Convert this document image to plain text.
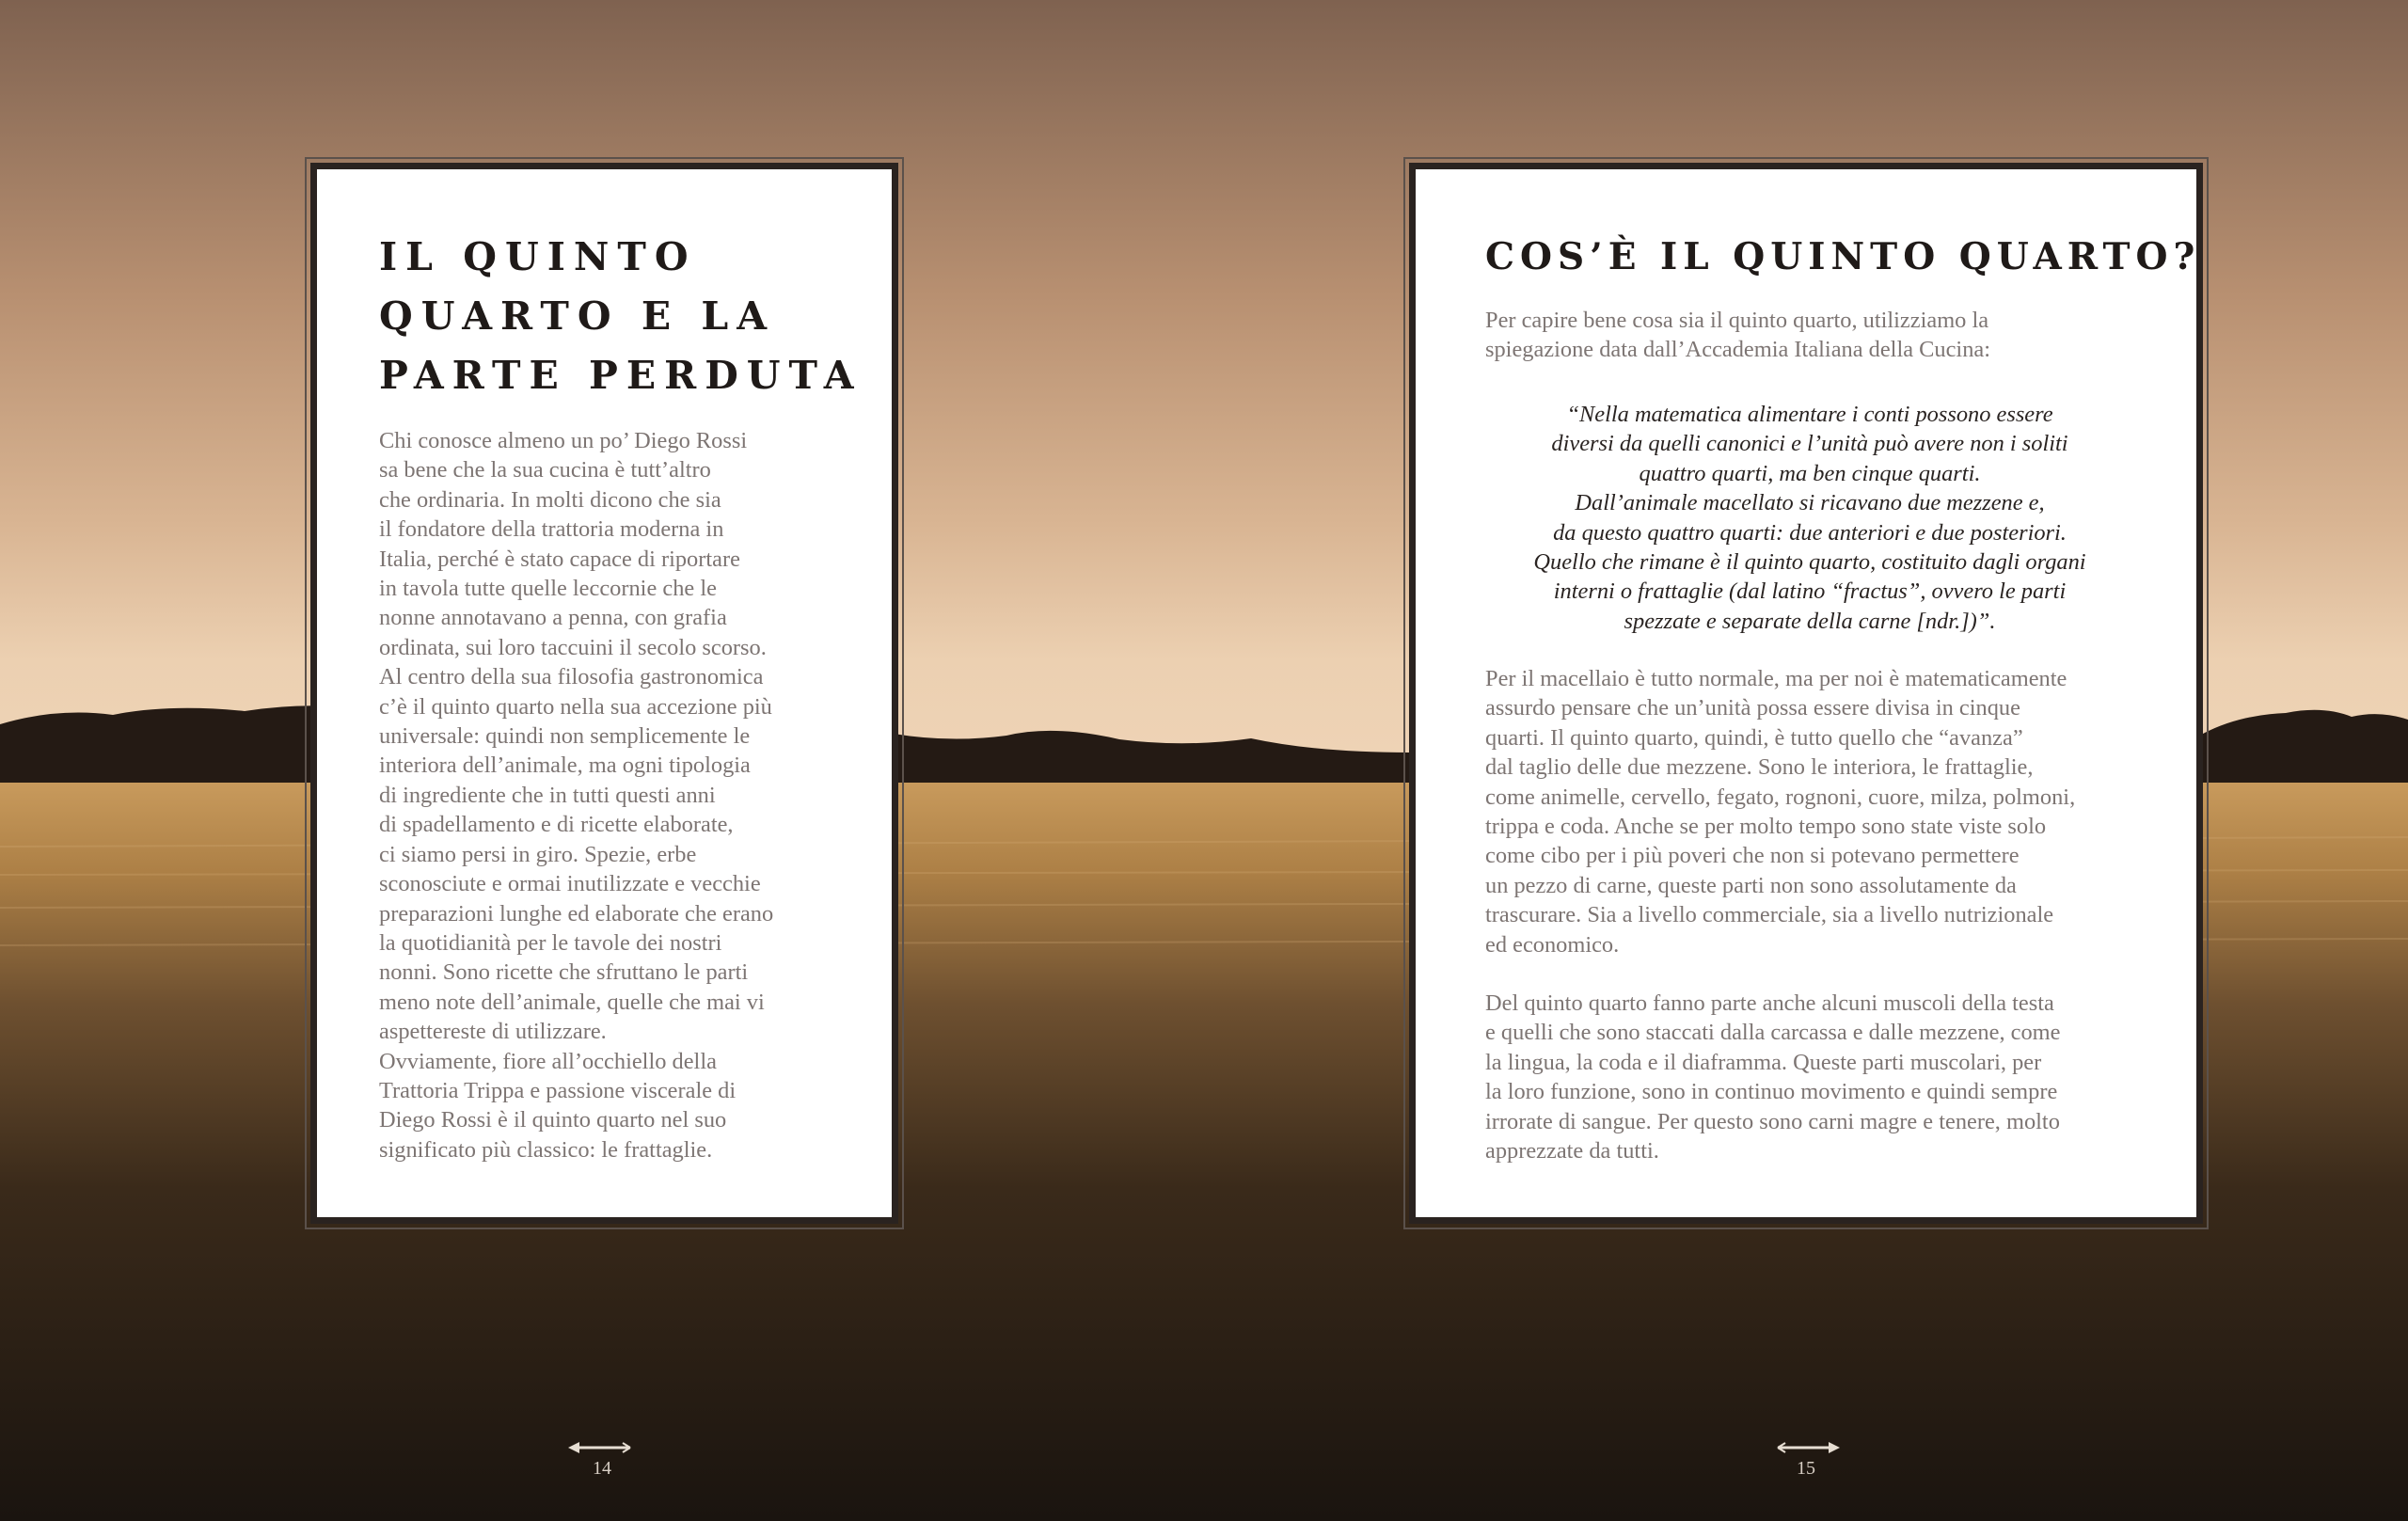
IL QUINTO
QUARTO E LA
PARTE PERDUTA
Chi conosce almeno un po’ Diego Rossi
sa bene che la sua cucina è tutt’altro
che ordinaria. In molti dicono che sia
il fondatore della trattoria moderna in
Italia, perché è stato capace di riportare
in tavola tutte quelle leccornie che le
nonne annotavano a penna, con grafia
ordinata, sui loro taccuini il secolo scorso.
Al centro della sua filosofia gastronomica
c’è il quinto quarto nella sua accezione più
universale: quindi non semplicemente le
interiora dell’animale, ma ogni tipologia
di ingrediente che in tutti questi anni
di spadellamento e di ricette elaborate,
ci siamo persi in giro. Spezie, erbe
sconosciute e ormai inutilizzate e vecchie
preparazioni lunghe ed elaborate che erano
la quotidianità per le tavole dei nostri
nonni. Sono ricette che sfruttano le parti
meno note dell’animale, quelle che mai vi
aspettereste di utilizzare.
Ovviamente, fiore all’occhiello della
Trattoria Trippa e passione viscerale di
Diego Rossi è il quinto quarto nel suo
significato più classico: le frattaglie.
COS’È IL QUINTO QUARTO?
Per capire bene cosa sia il quinto quarto, utilizziamo la
spiegazione data dall’Accademia Italiana della Cucina:
“Nella matematica alimentare i conti possono essere
diversi da quelli canonici e l’unità può avere non i soliti
quattro quarti, ma ben cinque quarti.
Dall’animale macellato si ricavano due mezzene e,
da questo quattro quarti: due anteriori e due posteriori.
Quello che rimane è il quinto quarto, costituito dagli organi
interni o frattaglie (dal latino “fractus”, ovvero le parti
spezzate e separate della carne [ndr.])”.
Per il macellaio è tutto normale, ma per noi è matematicamente
assurdo pensare che un’unità possa essere divisa in cinque
quarti. Il quinto quarto, quindi, è tutto quello che “avanza”
dal taglio delle due mezzene. Sono le interiora, le frattaglie,
come animelle, cervello, fegato, rognoni, cuore, milza, polmoni,
trippa e coda. Anche se per molto tempo sono state viste solo
come cibo per i più poveri che non si potevano permettere
un pezzo di carne, queste parti non sono assolutamente da
trascurare. Sia a livello commerciale, sia a livello nutrizionale
ed economico.
Del quinto quarto fanno parte anche alcuni muscoli della testa
e quelli che sono staccati dalla carcassa e dalle mezzene, come
la lingua, la coda e il diaframma. Queste parti muscolari, per
la loro funzione, sono in continuo movimento e quindi sempre
irrorate di sangue. Per questo sono carni magre e tenere, molto
apprezzate da tutti.
14	15
